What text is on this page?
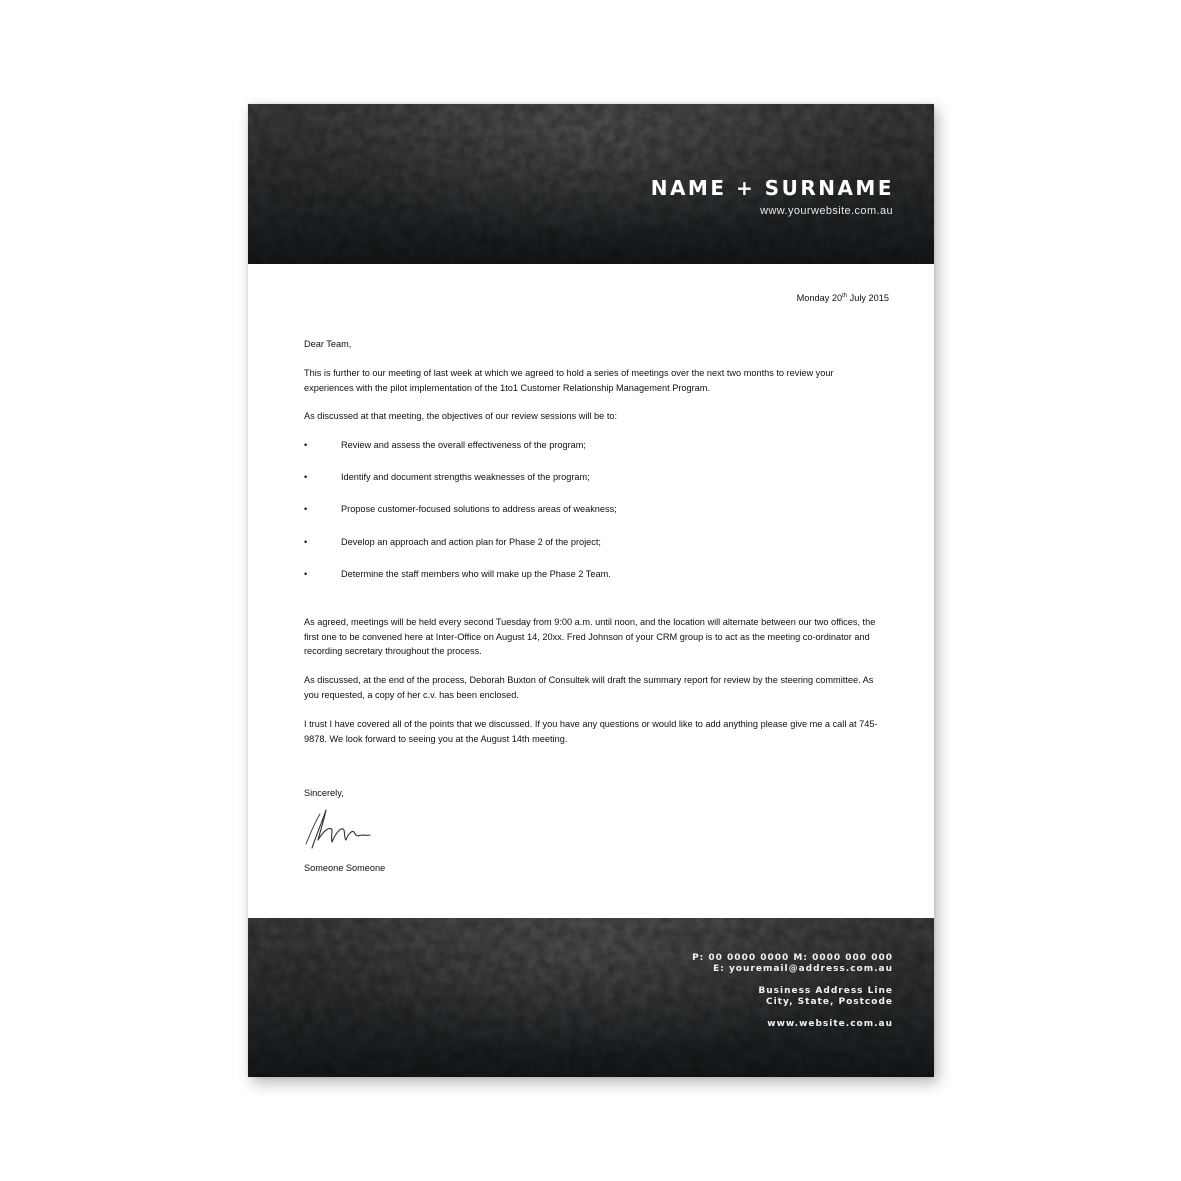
NAME + SURNAME
www.yourwebsite.com.au
Monday 20th July 2015

Dear Team,

This is further to our meeting of last week at which we agreed to hold a series of meetings over the next two months to review your experiences with the pilot implementation of the 1to1 Customer Relationship Management Program.

As discussed at that meeting, the objectives of our review sessions will be to:

•	Review and assess the overall effectiveness of the program;
•	Identify and document strengths weaknesses of the program;
•	Propose customer-focused solutions to address areas of weakness;
•	Develop an approach and action plan for Phase 2 of the project;
•	Determine the staff members who will make up the Phase 2 Team.

As agreed, meetings will be held every second Tuesday from 9:00 a.m. until noon, and the location will alternate between our two offices, the first one to be convened here at Inter-Office on August 14, 20xx. Fred Johnson of your CRM group is to act as the meeting co-ordinator and recording secretary throughout the process.

As discussed, at the end of the process, Deborah Buxton of Consultek will draft the summary report for review by the steering committee. As you requested, a copy of her c.v. has been enclosed.

I trust I have covered all of the points that we discussed. If you have any questions or would like to add anything please give me a call at 745-9878. We look forward to seeing you at the August 14th meeting.

Sincerely,

Someone Someone

P: 00 0000 0000 M: 0000 000 000
E: youremail@address.com.au
Business Address Line
City, State, Postcode
www.website.com.au
